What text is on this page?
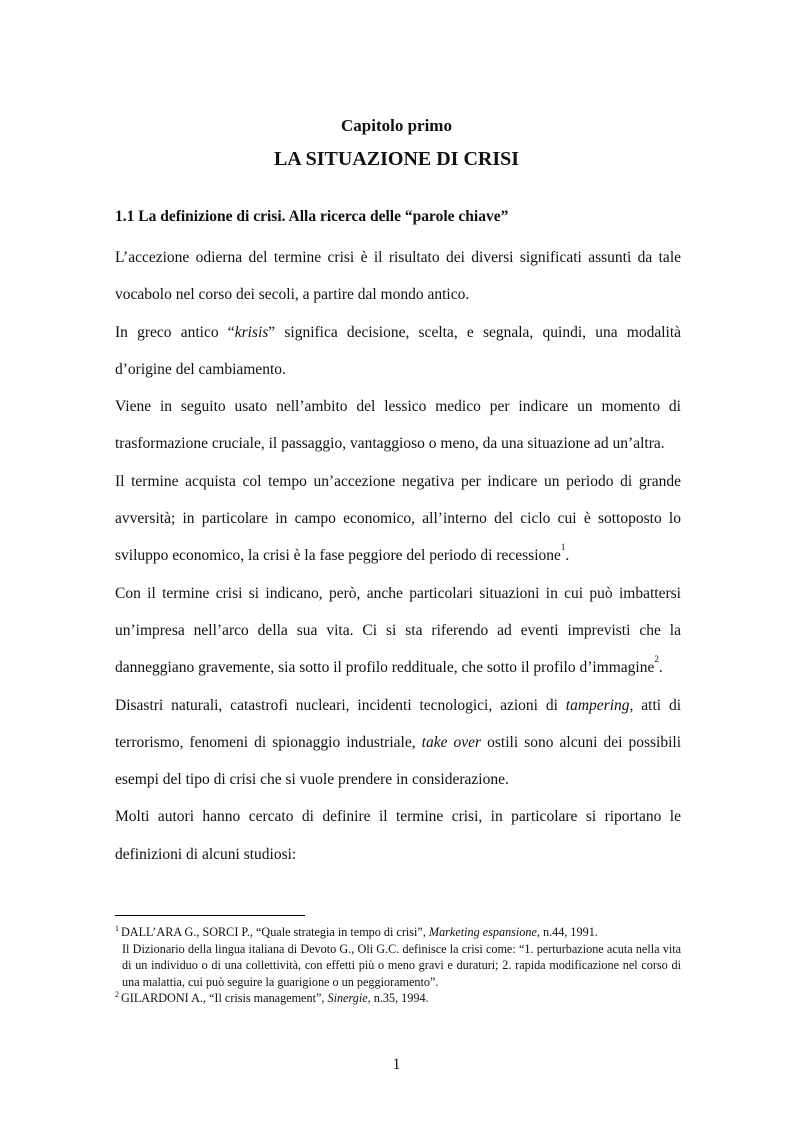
Capitolo primo
LA SITUAZIONE DI CRISI
1.1 La definizione di crisi. Alla ricerca delle “parole chiave”

L’accezione odierna del termine crisi è il risultato dei diversi significati assunti da tale vocabolo nel corso dei secoli, a partire dal mondo antico.

In greco antico “krisis” significa decisione, scelta, e segnala, quindi, una modalità d’origine del cambiamento.

Viene in seguito usato nell’ambito del lessico medico per indicare un momento di trasformazione cruciale, il passaggio, vantaggioso o meno, da una situazione ad un’altra.

Il termine acquista col tempo un’accezione negativa per indicare un periodo di grande avversità; in particolare in campo economico, all’interno del ciclo cui è sottoposto lo sviluppo economico, la crisi è la fase peggiore del periodo di recessione$^1$.

Con il termine crisi si indicano, però, anche particolari situazioni in cui può imbattersi un’impresa nell’arco della sua vita. Ci si sta riferendo ad eventi imprevisti che la danneggiano gravemente, sia sotto il profilo reddituale, che sotto il profilo d’immagine$^2$.

Disastri naturali, catastrofi nucleari, incidenti tecnologici, azioni di tampering, atti di terrorismo, fenomeni di spionaggio industriale, take over ostili sono alcuni dei possibili esempi del tipo di crisi che si vuole prendere in considerazione.

Molti autori hanno cercato di definire il termine crisi, in particolare si riportano le definizioni di alcuni studiosi:

$^1$ DALL’ARA G., SORCI P., “Quale strategia in tempo di crisi”, Marketing espansione, n.44, 1991.
Il Dizionario della lingua italiana di Devoto G., Oli G.C. definisce la crisi come: “1. perturbazione acuta nella vita di un individuo o di una collettività, con effetti più o meno gravi e duraturi; 2. rapida modificazione nel corso di una malattia, cui può seguire la guarigione o un peggioramento”.
$^2$ GILARDONI A., “Il crisis management”, Sinergie, n.35, 1994.
1
